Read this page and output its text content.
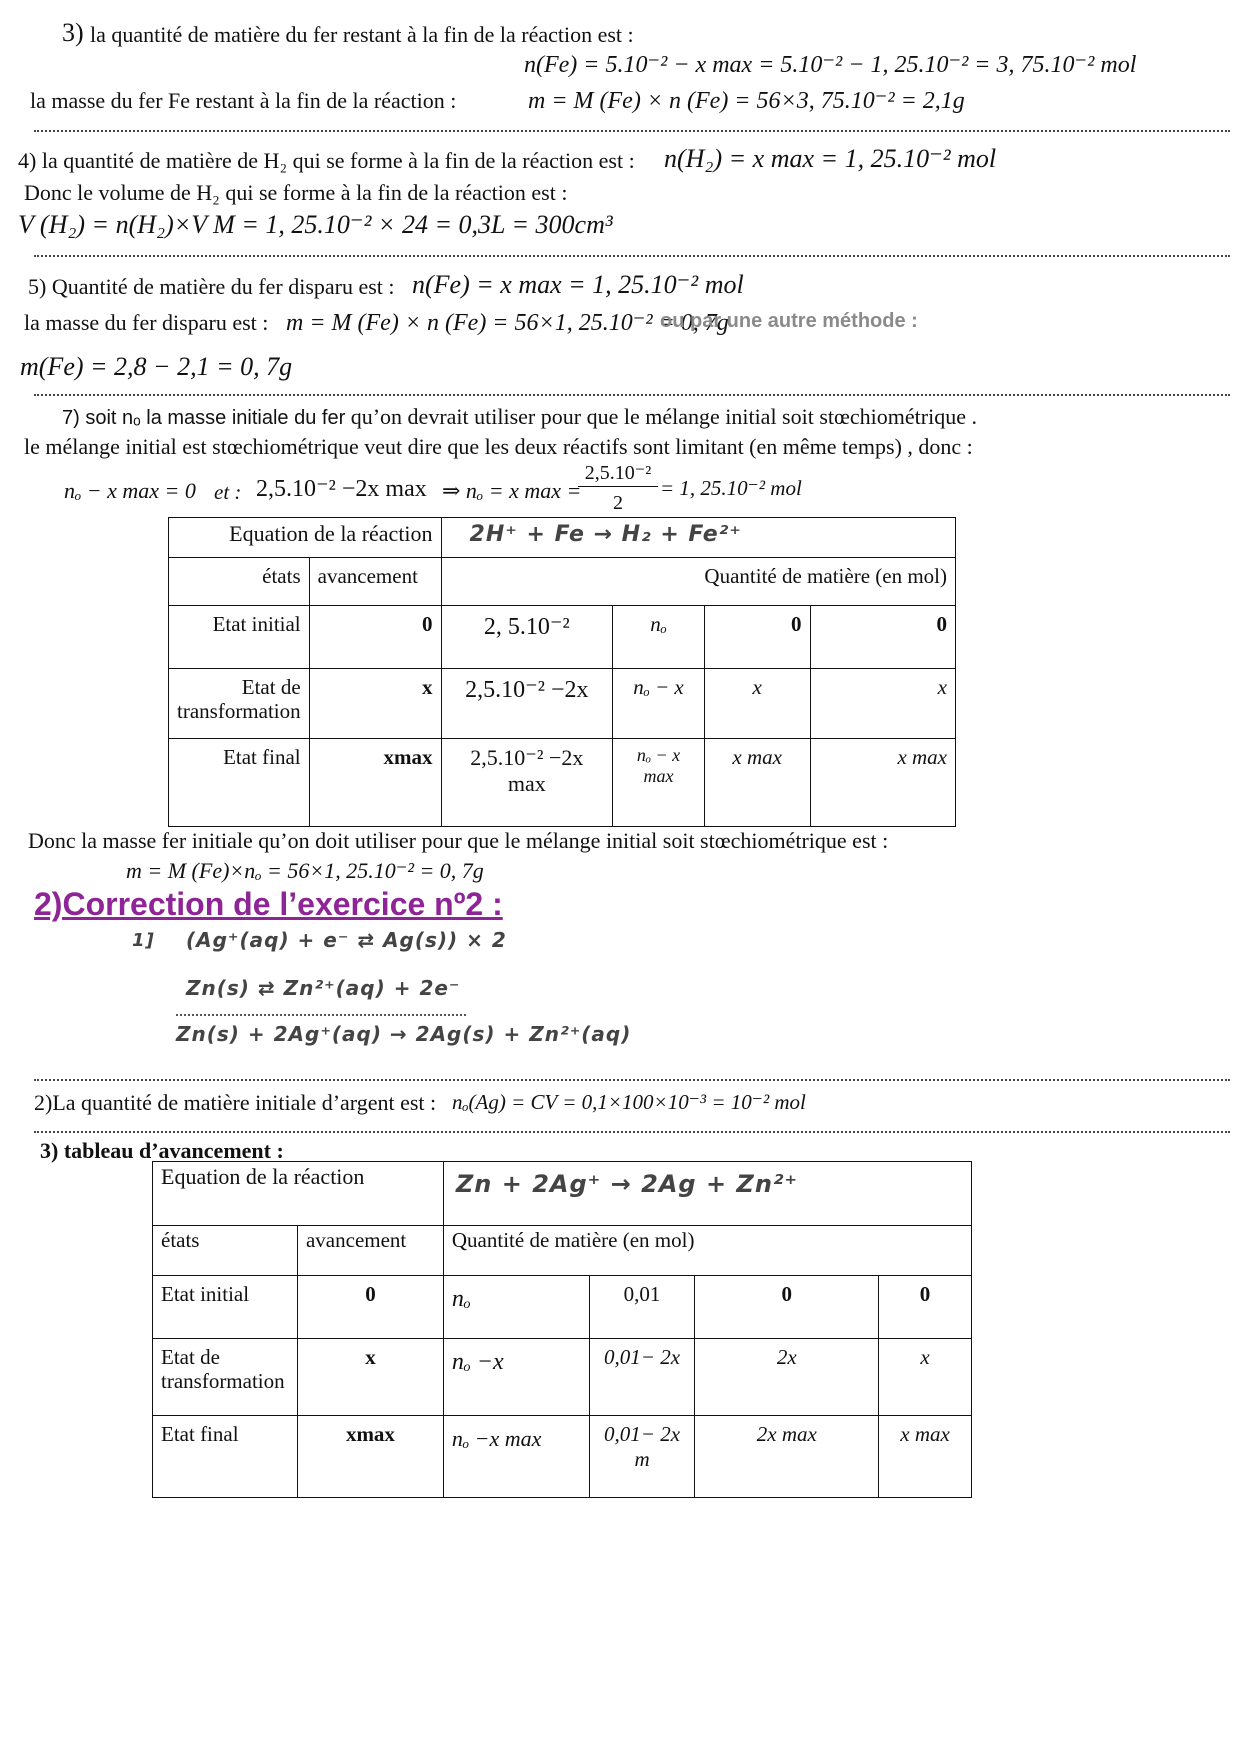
3) la quantité de matière du fer restant à la fin de la réaction est :
n(Fe) = 5.10⁻² − x max = 5.10⁻² − 1, 25.10⁻² = 3, 75.10⁻² mol
la masse du fer Fe restant à la fin de la réaction :	m = M (Fe) × n (Fe) = 56×3, 75.10⁻² = 2,1g
4) la quantité de matière de H₂ qui se forme à la fin de la réaction est : n(H₂) = x max = 1, 25.10⁻² mol
Donc le volume de H₂ qui se forme à la fin de la réaction est :
V (H₂) = n(H₂)×V M = 1, 25.10⁻² × 24 = 0,3L = 300cm³
5) Quantité de matière du fer disparu est : n(Fe) = x max = 1, 25.10⁻² mol
la masse du fer disparu est : m = M (Fe) × n (Fe) = 56×1, 25.10⁻² = 0, 7g
ou par une autre méthode :
m(Fe) = 2,8 − 2,1 = 0, 7g
7) soit nₒ la masse initiale du fer qu’on devrait utiliser pour que le mélange initial soit stœchiométrique .
le mélange initial est stœchiométrique veut dire que les deux réactifs sont limitant (en même temps) , donc :
nₒ − x max = 0 et : 2,5.10⁻² −2x max ⇒ nₒ = x max =
2,5.10⁻²
2
= 1, 25.10⁻² mol
Equation de la réaction		2H⁺ + Fe → H₂ + Fe²⁺			
états	avancement	Quantité de matière (en mol)			
Etat initial	0	2, 5.10⁻²	nₒ	0	0
Etat de transformation	x	2,5.10⁻² −2x	nₒ − x	x	x
Etat final	xmax	2,5.10⁻² −2x max	nₒ − x max	x max	x max
Donc la masse fer initiale qu’on doit utiliser pour que le mélange initial soit stœchiométrique est :
m = M (Fe)×nₒ = 56×1, 25.10⁻² = 0, 7g
2)Correction de l’exercice nº2 :
1] (Ag⁺(aq) + e⁻ ⇄ Ag(s)) × 2
Zn(s) ⇄ Zn²⁺(aq) + 2e⁻
Zn(s) + 2Ag⁺(aq) → 2Ag(s) + Zn²⁺(aq)
2)La quantité de matière initiale d’argent est : nₒ(Ag) = CV = 0,1×100×10⁻³ = 10⁻² mol
3) tableau d’avancement :
Equation de la réaction		Zn + 2Ag⁺ → 2Ag + Zn²⁺			
états	avancement	Quantité de matière (en mol)			
Etat initial	0	nₒ	0,01	0	0
Etat de transformation	x	nₒ −x	0,01− 2x	2x	x
Etat final	xmax	nₒ −x max	0,01− 2x m	2x max	x max
